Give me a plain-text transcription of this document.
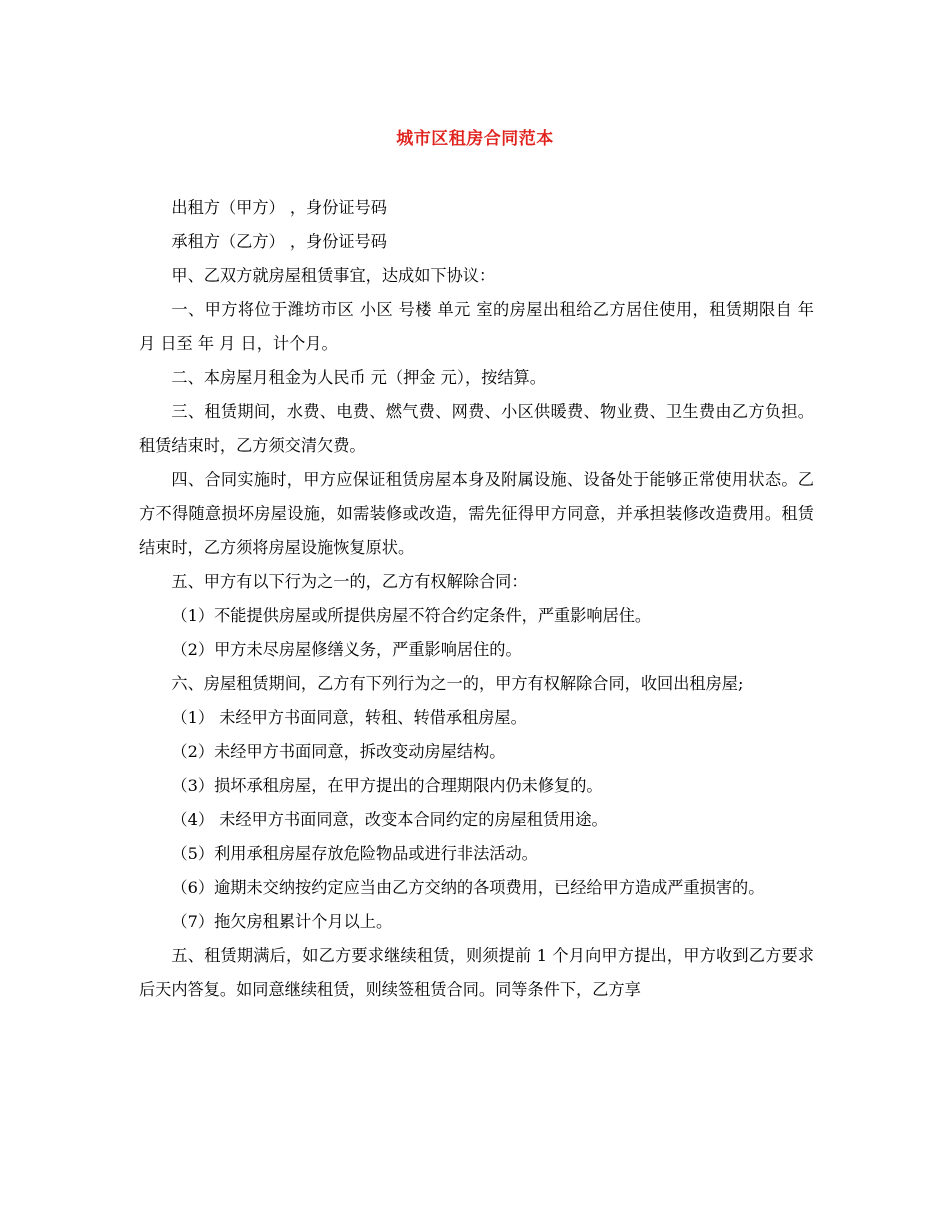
城市区租房合同范本

出租方（甲方） ，身份证号码

承租方（乙方） ，身份证号码

甲、乙双方就房屋租赁事宜，达成如下协议：

一、甲方将位于潍坊市区 小区 号楼 单元 室的房屋出租给乙方居住使用，租赁期限自 年 月 日至 年 月 日，计个月。

二、本房屋月租金为人民币 元（押金 元），按结算。

三、租赁期间，水费、电费、燃气费、网费、小区供暖费、物业费、卫生费由乙方负担。租赁结束时，乙方须交清欠费。

四、合同实施时，甲方应保证租赁房屋本身及附属设施、设备处于能够正常使用状态。乙方不得随意损坏房屋设施，如需装修或改造，需先征得甲方同意，并承担装修改造费用。租赁结束时，乙方须将房屋设施恢复原状。

五、甲方有以下行为之一的，乙方有权解除合同：

（1）不能提供房屋或所提供房屋不符合约定条件，严重影响居住。

（2）甲方未尽房屋修缮义务，严重影响居住的。

六、房屋租赁期间，乙方有下列行为之一的，甲方有权解除合同，收回出租房屋;

（1） 未经甲方书面同意，转租、转借承租房屋。

（2）未经甲方书面同意，拆改变动房屋结构。

（3）损坏承租房屋，在甲方提出的合理期限内仍未修复的。

（4） 未经甲方书面同意，改变本合同约定的房屋租赁用途。

（5）利用承租房屋存放危险物品或进行非法活动。

（6）逾期未交纳按约定应当由乙方交纳的各项费用，已经给甲方造成严重损害的。

（7）拖欠房租累计个月以上。

五、租赁期满后，如乙方要求继续租赁，则须提前 1 个月向甲方提出，甲方收到乙方要求后天内答复。如同意继续租赁，则续签租赁合同。同等条件下，乙方享
